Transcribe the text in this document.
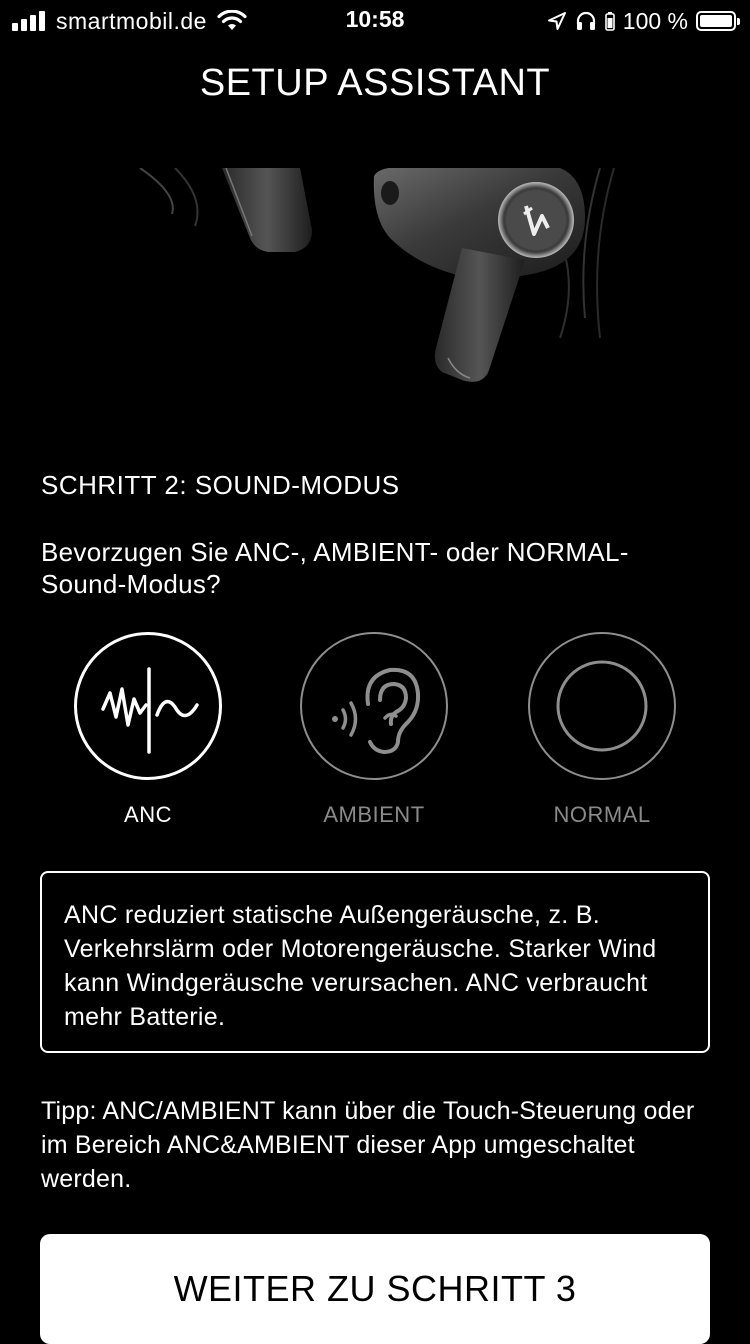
smartmobil.de	10:58	100 %
SETUP ASSISTANT
SCHRITT 2: SOUND-MODUS
Bevorzugen Sie ANC-, AMBIENT- oder NORMAL-Sound-Modus?
ANC	AMBIENT	NORMAL
ANC reduziert statische Außengeräusche, z. B. Verkehrslärm oder Motorengeräusche. Starker Wind kann Windgeräusche verursachen. ANC verbraucht mehr Batterie.
Tipp: ANC/AMBIENT kann über die Touch-Steuerung oder im Bereich ANC&AMBIENT dieser App umgeschaltet werden.
WEITER ZU SCHRITT 3
